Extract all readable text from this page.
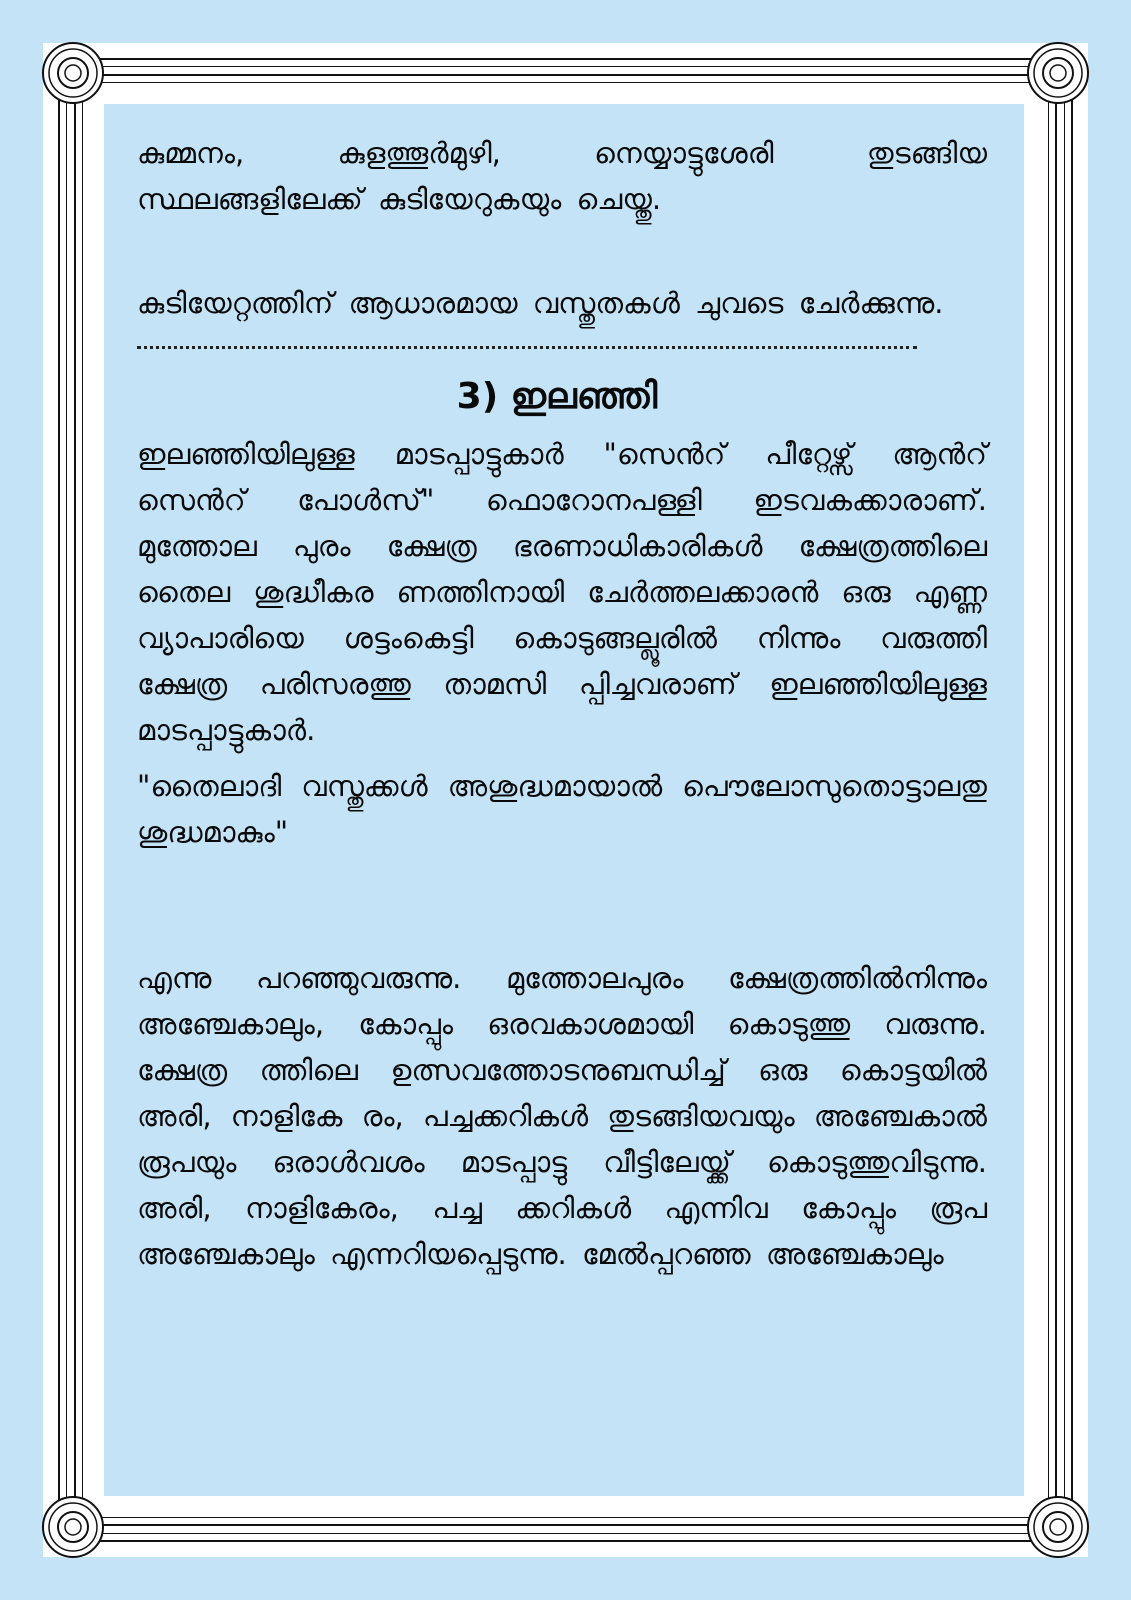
കുമ്മനം, കുളത്തൂർമുഴി, നെയ്യാട്ടുശേരി തുടങ്ങിയ സ്ഥലങ്ങളിലേക്ക് കുടിയേറുകയും ചെയ്തു.

കുടിയേറ്റത്തിന് ആധാരമായ വസ്തുതകൾ ചുവടെ ചേർക്കുന്നു.

3) ഇലഞ്ഞി

ഇലഞ്ഞിയിലുള്ള മാടപ്പാട്ടുകാർ "സെൻറ് പീറ്റേഴ്സ് ആൻറ് സെൻറ് പോൾസ്" ഫൊറോനപള്ളി ഇടവകക്കാരാണ്. മുത്തോല പുരം ക്ഷേത്ര ഭരണാധികാരികൾ ക്ഷേത്രത്തിലെ തൈല ശുദ്ധീകര ണത്തിനായി ചേർത്തലക്കാരൻ ഒരു എണ്ണ വ്യാപാരിയെ ശട്ടംകെട്ടി കൊടുങ്ങല്ലൂരിൽ നിന്നും വരുത്തി ക്ഷേത്ര പരിസരത്തു താമസി പ്പിച്ചവരാണ് ഇലഞ്ഞിയിലുള്ള മാടപ്പാട്ടുകാർ.

"തൈലാദി വസ്തുക്കൾ അശുദ്ധമായാൽ പൌലോസുതൊട്ടാലതു ശുദ്ധമാകും"

എന്നു പറഞ്ഞുവരുന്നു. മുത്തോലപുരം ക്ഷേത്രത്തിൽനിന്നും അഞ്ചേകാലും, കോപ്പും ഒരവകാശമായി കൊടുത്തു വരുന്നു. ക്ഷേത്ര ത്തിലെ ഉത്സവത്തോടനുബന്ധിച്ച് ഒരു കൊട്ടയിൽ അരി, നാളികേ രം, പച്ചക്കറികൾ തുടങ്ങിയവയും അഞ്ചേകാൽ രൂപയും ഒരാൾവശം മാടപ്പാട്ടു വീട്ടിലേയ്ക്ക് കൊടുത്തുവിടുന്നു. അരി, നാളികേരം, പച്ച ക്കറികൾ എന്നിവ കോപ്പും രൂപ അഞ്ചേകാലും എന്നറിയപ്പെടുന്നു. മേൽപ്പറഞ്ഞ അഞ്ചേകാലും
